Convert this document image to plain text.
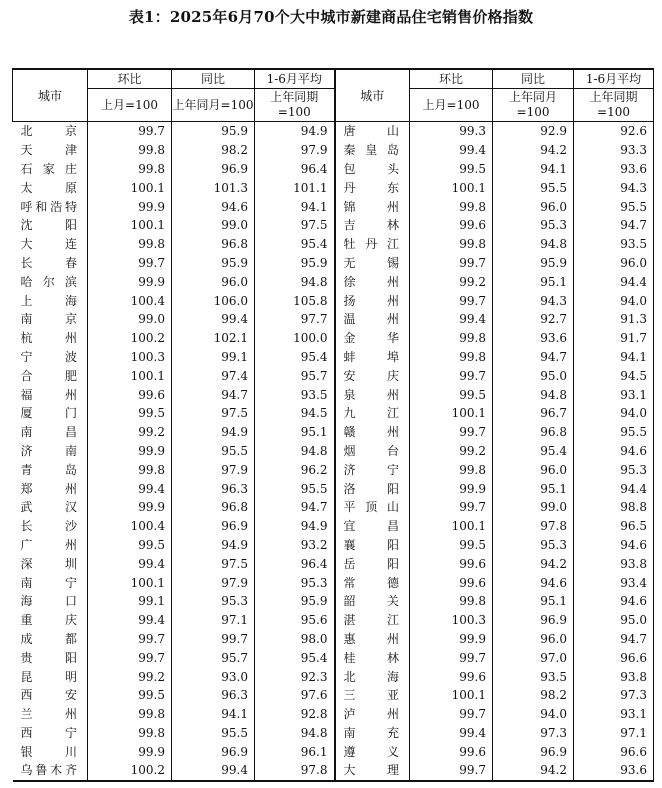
表1：2025年6月70个大中城市新建商品住宅销售价格指数
城市	环比	同比	1-6月平均	城市	环比	同比	1-6月平均
	上月=100	上年同月=100	上年同期=100		上月=100	上年同月=100	上年同期=100
北　京	99.7	95.9	94.9	唐　山	99.3	92.9	92.6
天　津	99.8	98.2	97.9	秦皇岛	99.4	94.2	93.3
石家庄	99.8	96.9	96.4	包　头	99.5	94.1	93.6
太　原	100.1	101.3	101.1	丹　东	100.1	95.5	94.3
呼和浩特	99.9	94.6	94.1	锦　州	99.8	96.0	95.5
沈　阳	100.1	99.0	97.5	吉　林	99.6	95.3	94.7
大　连	99.8	96.8	95.4	牡丹江	99.8	94.8	93.5
长　春	99.7	95.9	95.9	无　锡	99.7	95.9	96.0
哈尔滨	99.9	96.0	94.8	徐　州	99.2	95.1	94.4
上　海	100.4	106.0	105.8	扬　州	99.7	94.3	94.0
南　京	99.0	99.4	97.7	温　州	99.4	92.7	91.3
杭　州	100.2	102.1	100.0	金　华	99.8	93.6	91.7
宁　波	100.3	99.1	95.4	蚌　埠	99.8	94.7	94.1
合　肥	100.1	97.4	95.7	安　庆	99.7	95.0	94.5
福　州	99.6	94.7	93.5	泉　州	99.5	94.8	93.1
厦　门	99.5	97.5	94.5	九　江	100.1	96.7	94.0
南　昌	99.2	94.9	95.1	赣　州	99.7	96.8	95.5
济　南	99.9	95.5	94.8	烟　台	99.2	95.4	94.6
青　岛	99.8	97.9	96.2	济　宁	99.8	96.0	95.3
郑　州	99.4	96.3	95.5	洛　阳	99.9	95.1	94.4
武　汉	99.9	96.8	94.7	平顶山	99.7	99.0	98.8
长　沙	100.4	96.9	94.9	宜　昌	100.1	97.8	96.5
广　州	99.5	94.9	93.2	襄　阳	99.5	95.3	94.6
深　圳	99.4	97.5	96.4	岳　阳	99.6	94.2	93.8
南　宁	100.1	97.9	95.3	常　德	99.6	94.6	93.4
海　口	99.1	95.3	95.9	韶　关	99.8	95.1	94.6
重　庆	99.4	97.1	95.6	湛　江	100.3	96.9	95.0
成　都	99.7	99.7	98.0	惠　州	99.9	96.0	94.7
贵　阳	99.7	95.7	95.4	桂　林	99.7	97.0	96.6
昆　明	99.2	93.0	92.3	北　海	99.6	93.5	93.8
西　安	99.5	96.3	97.6	三　亚	100.1	98.2	97.3
兰　州	99.8	94.1	92.8	泸　州	99.7	94.0	93.1
西　宁	99.8	95.5	94.8	南　充	99.4	97.3	97.1
银　川	99.9	96.9	96.1	遵　义	99.6	96.9	96.6
乌鲁木齐	100.2	99.4	97.8	大　理	99.7	94.2	93.6
